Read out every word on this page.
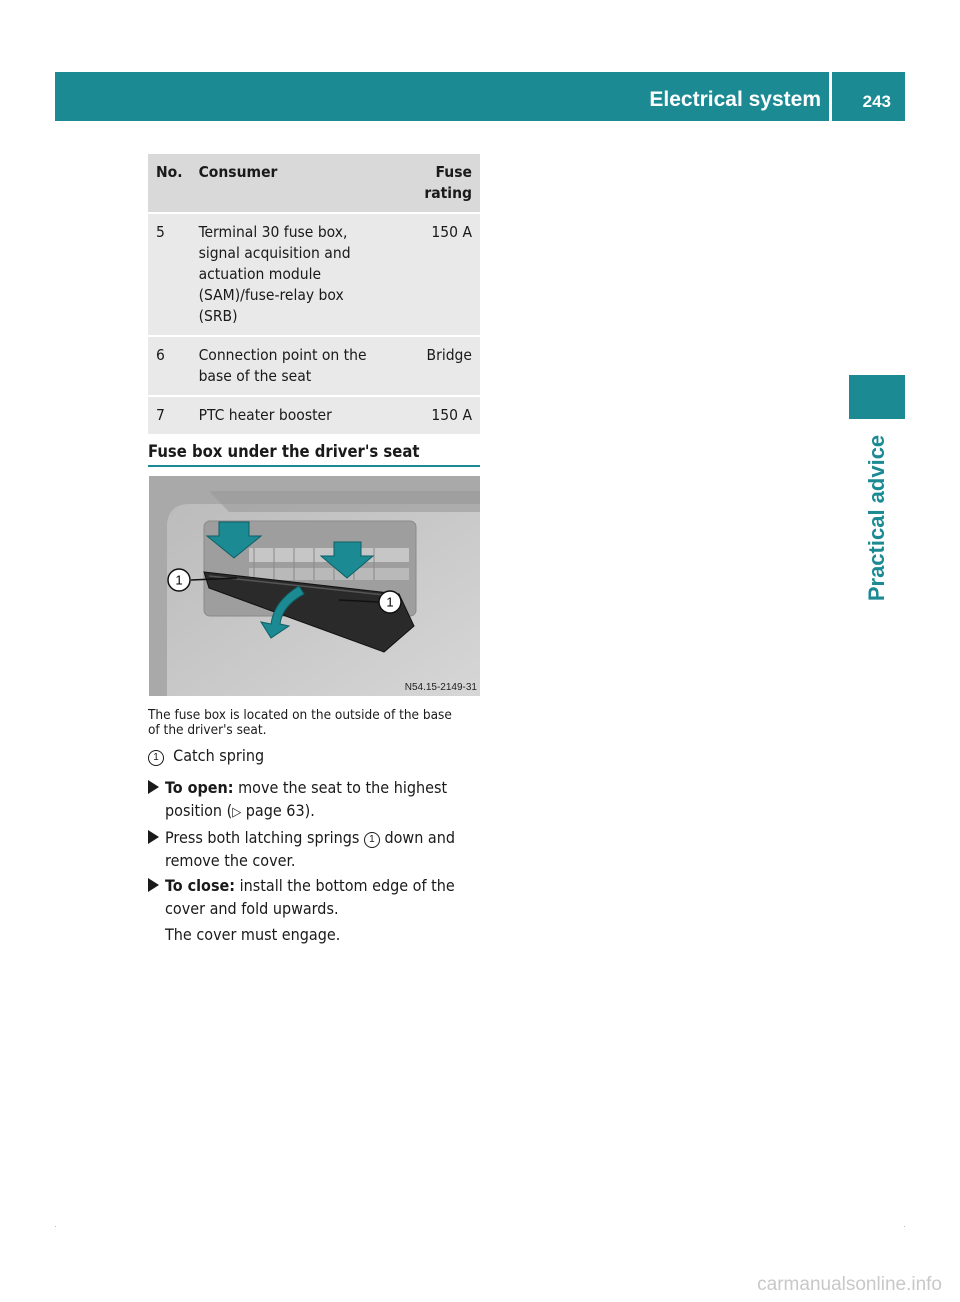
Electrical system 243
Practical advice
No.	Consumer	Fuse
rating
5	Terminal 30 fuse box,
signal acquisition and
actuation module
(SAM)/fuse-relay box
(SRB)	150 A
6	Connection point on the
base of the seat	Bridge
7	PTC heater booster	150 A
Fuse box under the driver's seat
1
1
N54.15-2149-31
The fuse box is located on the outside of the base
of the driver's seat.
1 Catch spring
To open: move the seat to the highest
position (▷ page 63).
Press both latching springs 1 down and
remove the cover.
To close: install the bottom edge of the
cover and fold upwards.
The cover must engage.
carmanualsonline.info
